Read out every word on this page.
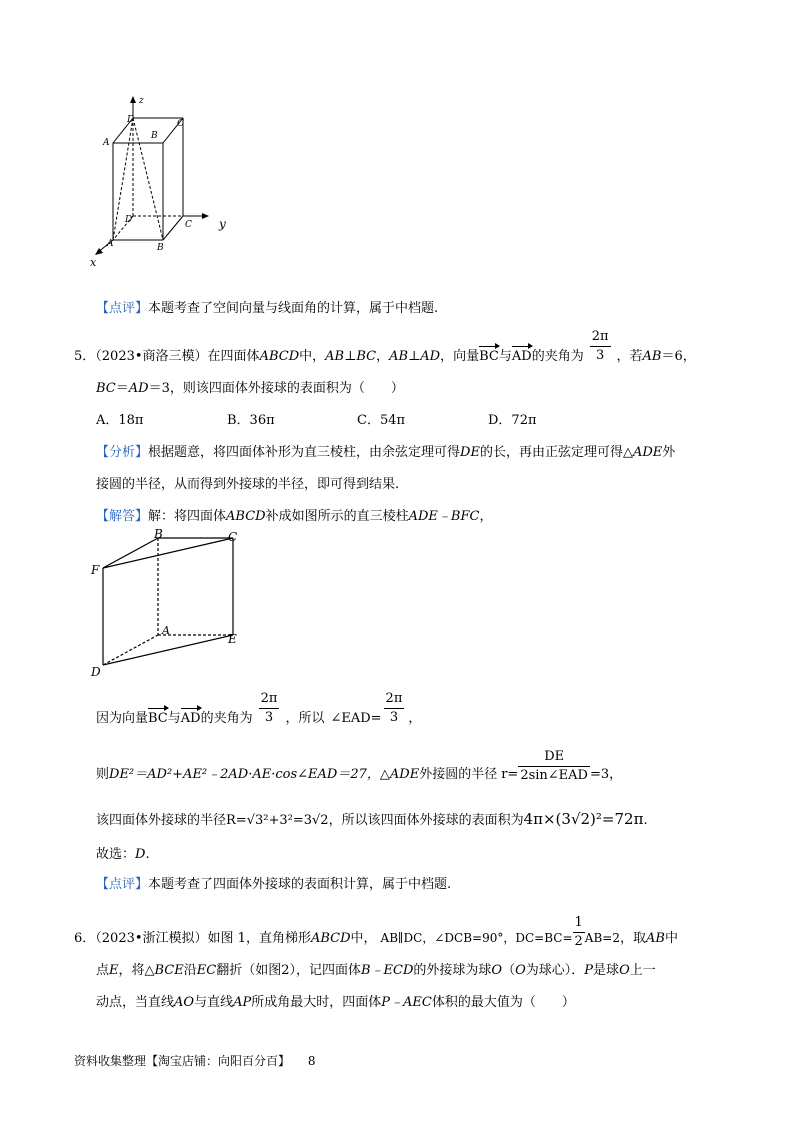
z
y
x
D
B
C
A
D
A	B
C
【点评】本题考查了空间向量与线面角的计算，属于中档题.
5．（2023•商洛三模）在四面体ABCD中，AB⊥BC，AB⊥AD，向量BC与AD的夹角为 $\frac{2\pi}{3}$ ，若AB＝6，
BC＝AD＝3，则该四面体外接球的表面积为（　　）
A．18π	B．36π	C．54π	D．72π
【分析】根据题意，将四面体补形为直三棱柱，由余弦定理可得DE的长，再由正弦定理可得△ADE外
接圆的半径，从而得到外接球的半径，即可得到结果.
【解答】解：将四面体ABCD补成如图所示的直三棱柱ADE﹣BFC，
B	C
F
A
E
D
因为向量BC与AD的夹角为 $\frac{2\pi}{3}$ ，所以 ∠EAD= $\frac{2\pi}{3}$ ，
则DE²＝AD²+AE²﹣2AD·AE·cos∠EAD＝27，△ADE外接圆的半径 $r= \frac{DE}{\text{2sin∠EAD}} =3$，
该四面体外接球的半径R=√3²+3²=3√2，所以该四面体外接球的表面积为4π×(3√2)²=72π.
故选：D.
【点评】本题考查了四面体外接球的表面积计算，属于中档题.
6．（2023•浙江模拟）如图 1，直角梯形ABCD中， AB∥DC，∠DCB=90°，$DC=BC= \frac{1}{2} AB=2$，取AB中
点E，将△BCE沿EC翻折（如图2），记四面体B﹣ECD的外接球为球O（O为球心）．P是球O上一
动点，当直线AO与直线AP所成角最大时，四面体P﹣AEC体积的最大值为（　　）
资料收集整理【淘宝店铺：向阳百分百】 8
